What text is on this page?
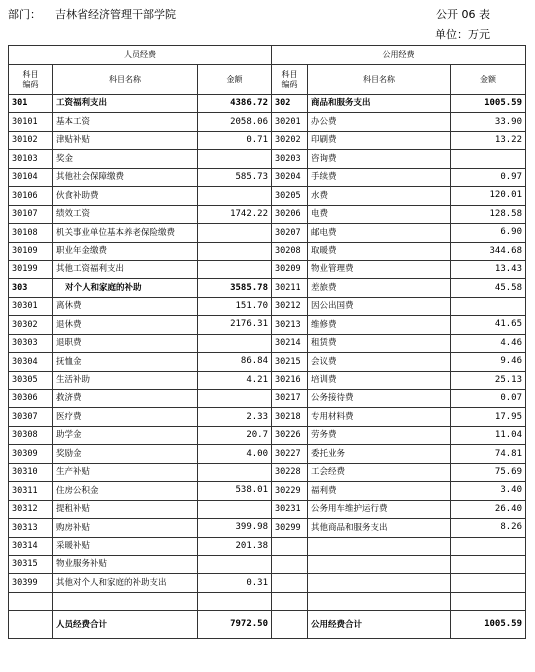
部门： 吉林省经济管理干部学院	公开 06 表
单位：万元
人员经费			公用经费		
科目
编码	科目名称	金额	科目
编码	科目名称	金额
301	工资福利支出	4386.72	302	商品和服务支出	1005.59
30101	基本工资	2058.06	30201	办公费	33.90
30102	津贴补贴	0.71	30202	印刷费	13.22
30103	奖金		30203	咨询费	
30104	其他社会保障缴费	585.73	30204	手续费	0.97
30106	伙食补助费		30205	水费	120.01
30107	绩效工资	1742.22	30206	电费	128.58
30108	机关事业单位基本养老保险缴费		30207	邮电费	6.90
30109	职业年金缴费		30208	取暖费	344.68
30199	其他工资福利支出		30209	物业管理费	13.43
303	对个人和家庭的补助	3585.78	30211	差旅费	45.58
30301	离休费	151.70	30212	因公出国费	
30302	退休费	2176.31	30213	维修费	41.65
30303	退职费		30214	租赁费	4.46
30304	抚恤金	86.84	30215	会议费	9.46
30305	生活补助	4.21	30216	培训费	25.13
30306	救济费		30217	公务接待费	0.07
30307	医疗费	2.33	30218	专用材料费	17.95
30308	助学金	20.7	30226	劳务费	11.04
30309	奖励金	4.00	30227	委托业务	74.81
30310	生产补贴		30228	工会经费	75.69
30311	住房公积金	538.01	30229	福利费	3.40
30312	提租补贴		30231	公务用车维护运行费	26.40
30313	购房补贴	399.98	30299	其他商品和服务支出	8.26
30314	采暖补贴	201.38			
30315	物业服务补贴				
30399	其他对个人和家庭的补助支出	0.31			

	人员经费合计	7972.50		公用经费合计	1005.59
